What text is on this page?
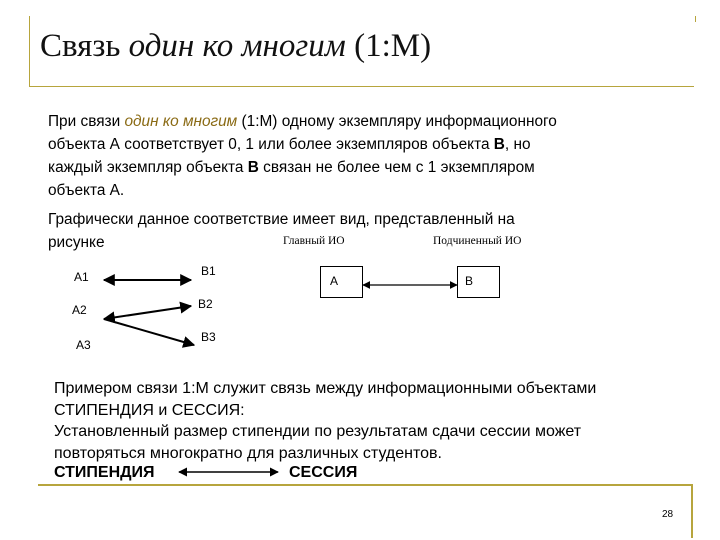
Связь один ко многим (1:М)

При связи один ко многим (1:М) одному экземпляру информационного
объекта А соответствует 0, 1 или более экземпляров объекта B, но
каждый экземпляр объекта B связан не более чем с 1 экземпляром
объекта А.

Графически данное соответствие имеет вид, представленный на
рисунке	Главный ИО	Подчиненный ИО
А	В
А1
А2
А3
В1
В2
В3

Примером связи 1:М служит связь между информационными объектами
СТИПЕНДИЯ и СЕССИЯ:
Установленный размер стипендии по результатам сдачи сессии может
повторяться многократно для различных студентов.

СТИПЕНДИЯ	СЕССИЯ
28
